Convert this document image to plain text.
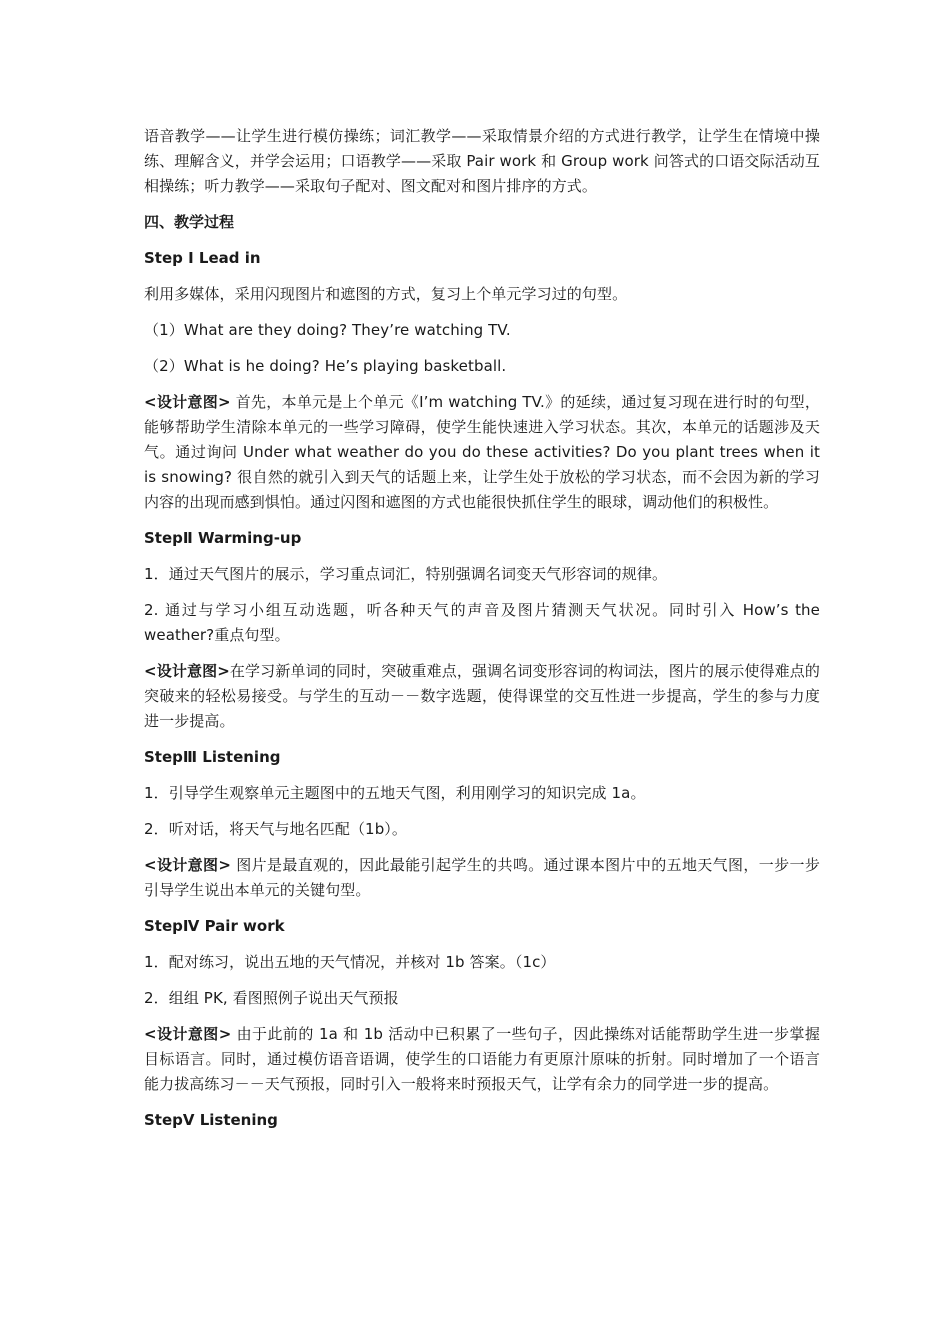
语音教学——让学生进行模仿操练；词汇教学——采取情景介绍的方式进行教学，让学生在情境中操练、理解含义，并学会运用；口语教学——采取 Pair work 和 Group work 问答式的口语交际活动互相操练；听力教学——采取句子配对、图文配对和图片排序的方式。

四、教学过程

Step I Lead in

利用多媒体，采用闪现图片和遮图的方式，复习上个单元学习过的句型。

（1）What are they doing? They’re watching TV.

（2）What is he doing? He’s playing basketball.

<设计意图> 首先，本单元是上个单元《I’m watching TV.》的延续，通过复习现在进行时的句型，能够帮助学生清除本单元的一些学习障碍，使学生能快速进入学习状态。其次，本单元的话题涉及天气。通过询问 Under what weather do you do these activities? Do you plant trees when it is snowing? 很自然的就引入到天气的话题上来，让学生处于放松的学习状态，而不会因为新的学习内容的出现而感到惧怕。通过闪图和遮图的方式也能很快抓住学生的眼球，调动他们的积极性。

StepⅡ Warming-up

1．通过天气图片的展示，学习重点词汇，特别强调名词变天气形容词的规律。

2. 通过与学习小组互动选题，听各种天气的声音及图片猜测天气状况。同时引入 How’s the weather?重点句型。

<设计意图>在学习新单词的同时，突破重难点，强调名词变形容词的构词法，图片的展示使得难点的突破来的轻松易接受。与学生的互动－－数字选题，使得课堂的交互性进一步提高，学生的参与力度进一步提高。

StepⅢ Listening

1．引导学生观察单元主题图中的五地天气图，利用刚学习的知识完成 1a。

2．听对话，将天气与地名匹配（1b）。

<设计意图> 图片是最直观的，因此最能引起学生的共鸣。通过课本图片中的五地天气图，一步一步引导学生说出本单元的关键句型。

StepⅣ Pair work

1．配对练习，说出五地的天气情况，并核对 1b 答案。（1c）

2．组组 PK, 看图照例子说出天气预报

<设计意图> 由于此前的 1a 和 1b 活动中已积累了一些句子，因此操练对话能帮助学生进一步掌握目标语言。同时，通过模仿语音语调，使学生的口语能力有更原汁原味的折射。同时增加了一个语言能力拔高练习－－天气预报，同时引入一般将来时预报天气，让学有余力的同学进一步的提高。

StepⅤ Listening
